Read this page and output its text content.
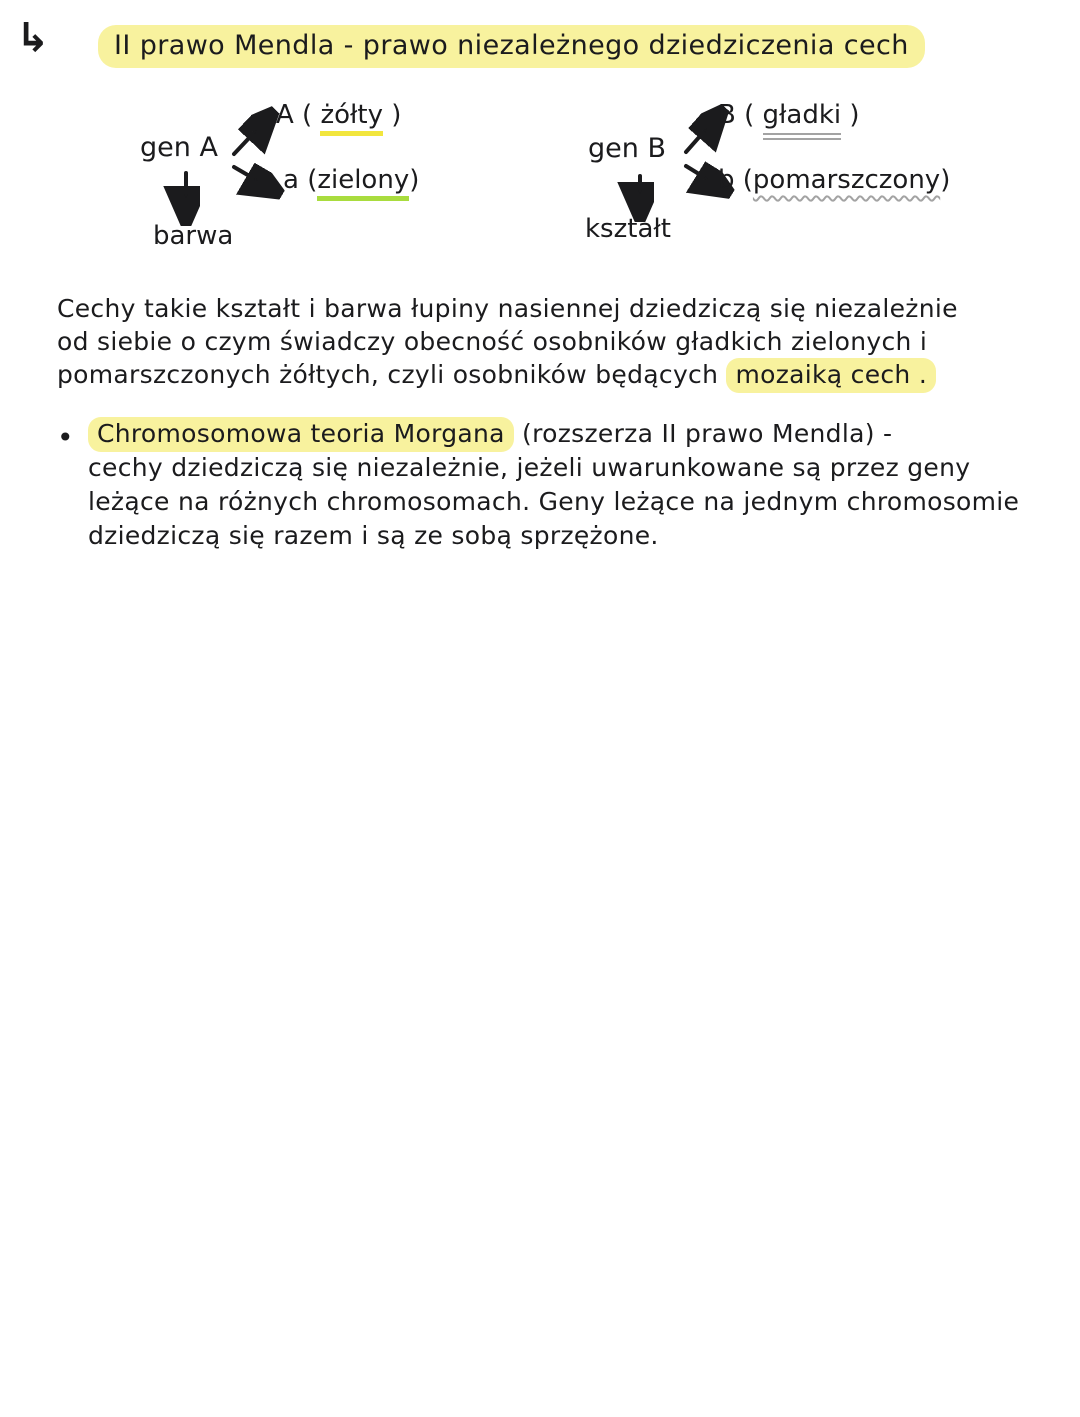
↳	II prawo Mendla - prawo niezależnego dziedziczenia cech
gen A
A ( żółty )
a (zielony)
barwa
gen B
B ( gładki )
b (pomarszczony)
kształt
Cechy takie kształt i barwa łupiny nasiennej dziedziczą się niezależnie
od siebie o czym świadczy obecność osobników gładkich zielonych i
pomarszczonych żółtych, czyli osobników będących mozaiką cech .
• Chromosomowa teoria Morgana (rozszerza II prawo Mendla) -
cechy dziedziczą się niezależnie, jeżeli uwarunkowane są przez geny
leżące na różnych chromosomach. Geny leżące na jednym chromosomie
dziedziczą się razem i są ze sobą sprzężone.
